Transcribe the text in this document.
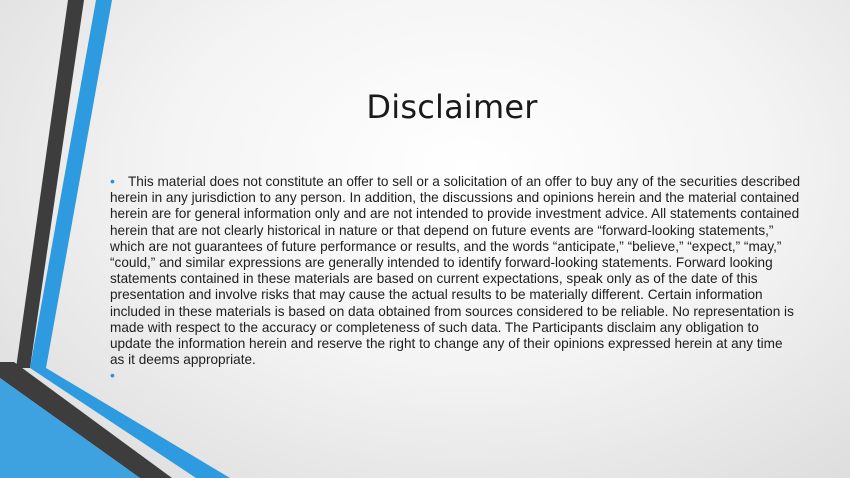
Disclaimer
• This material does not constitute an offer to sell or a solicitation of an offer to buy any of the securities described herein in any jurisdiction to any person. In addition, the discussions and opinions herein and the material contained herein are for general information only and are not intended to provide investment advice. All statements contained herein that are not clearly historical in nature or that depend on future events are “forward-looking statements,” which are not guarantees of future performance or results, and the words “anticipate,” “believe,” “expect,” “may,” “could,” and similar expressions are generally intended to identify forward-looking statements. Forward looking statements contained in these materials are based on current expectations, speak only as of the date of this presentation and involve risks that may cause the actual results to be materially different. Certain information included in these materials is based on data obtained from sources considered to be reliable. No representation is made with respect to the accuracy or completeness of such data. The Participants disclaim any obligation to update the information herein and reserve the right to change any of their opinions expressed herein at any time as it deems appropriate.
•
